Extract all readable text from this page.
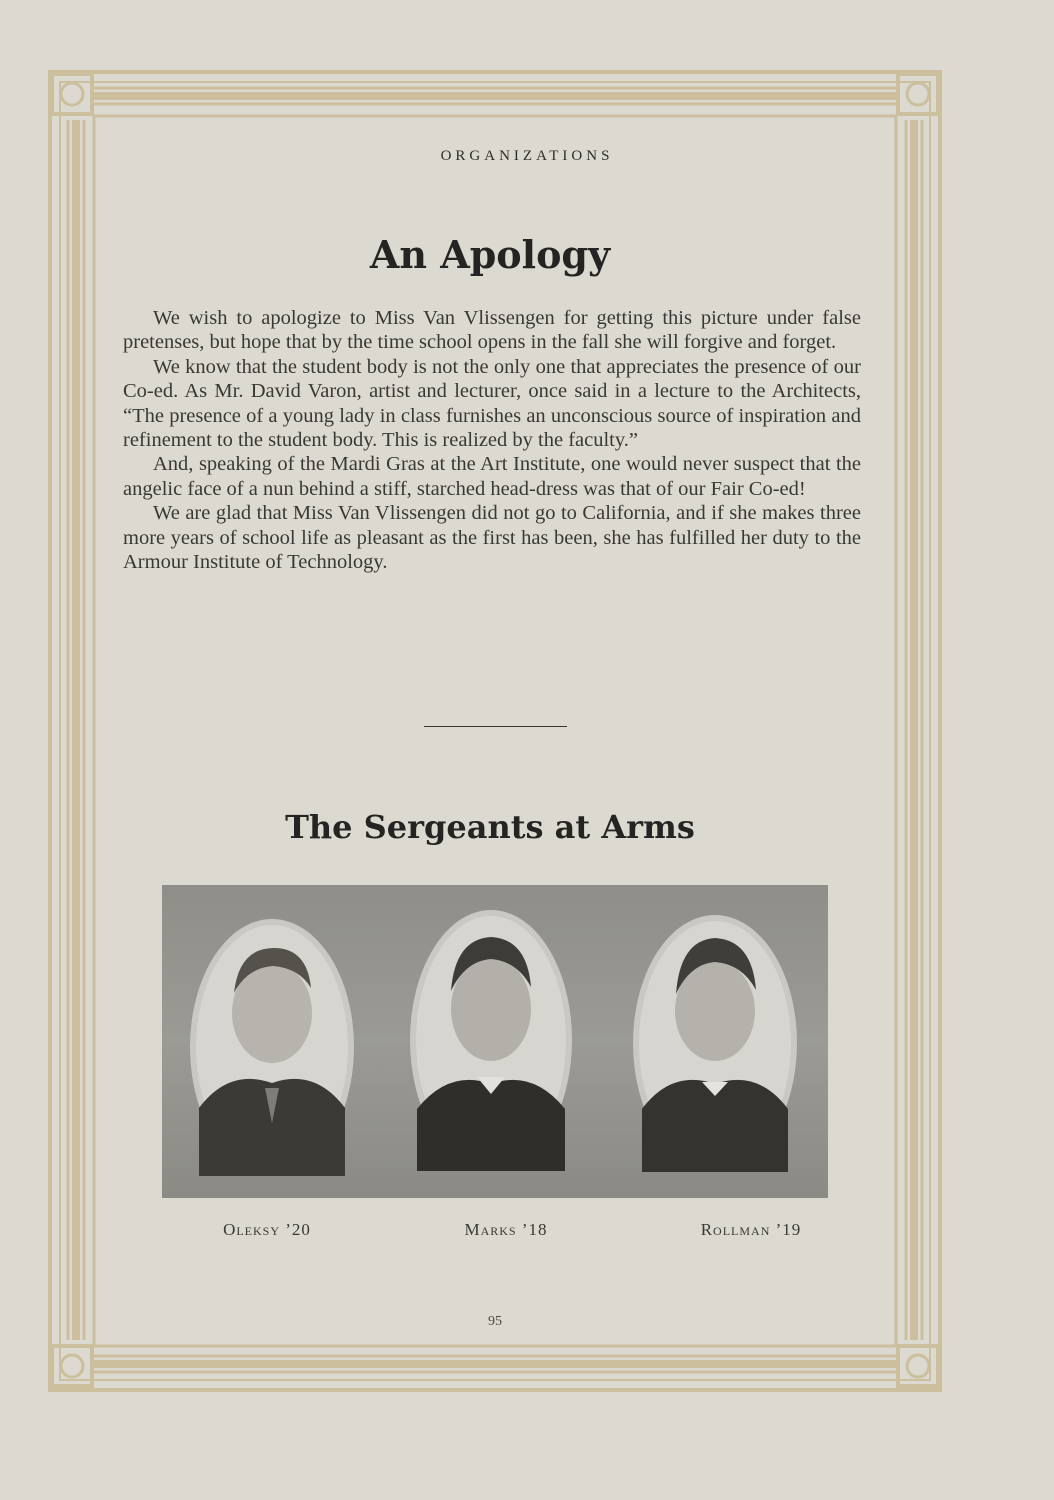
ORGANIZATIONS
An Apology

We wish to apologize to Miss Van Vlissengen for getting this picture under false pretenses, but hope that by the time school opens in the fall she will forgive and forget.

We know that the student body is not the only one that appreciates the presence of our Co-ed. As Mr. David Varon, artist and lecturer, once said in a lecture to the Architects, “The presence of a young lady in class furnishes an unconscious source of inspiration and refinement to the student body. This is realized by the faculty.”

And, speaking of the Mardi Gras at the Art Institute, one would never suspect that the angelic face of a nun behind a stiff, starched head-dress was that of our Fair Co-ed!

We are glad that Miss Van Vlissengen did not go to California, and if she makes three more years of school life as pleasant as the first has been, she has fulfilled her duty to the Armour Institute of Technology.

The Sergeants at Arms
Oleksy ’20	Marks ’18	Rollman ’19
95
